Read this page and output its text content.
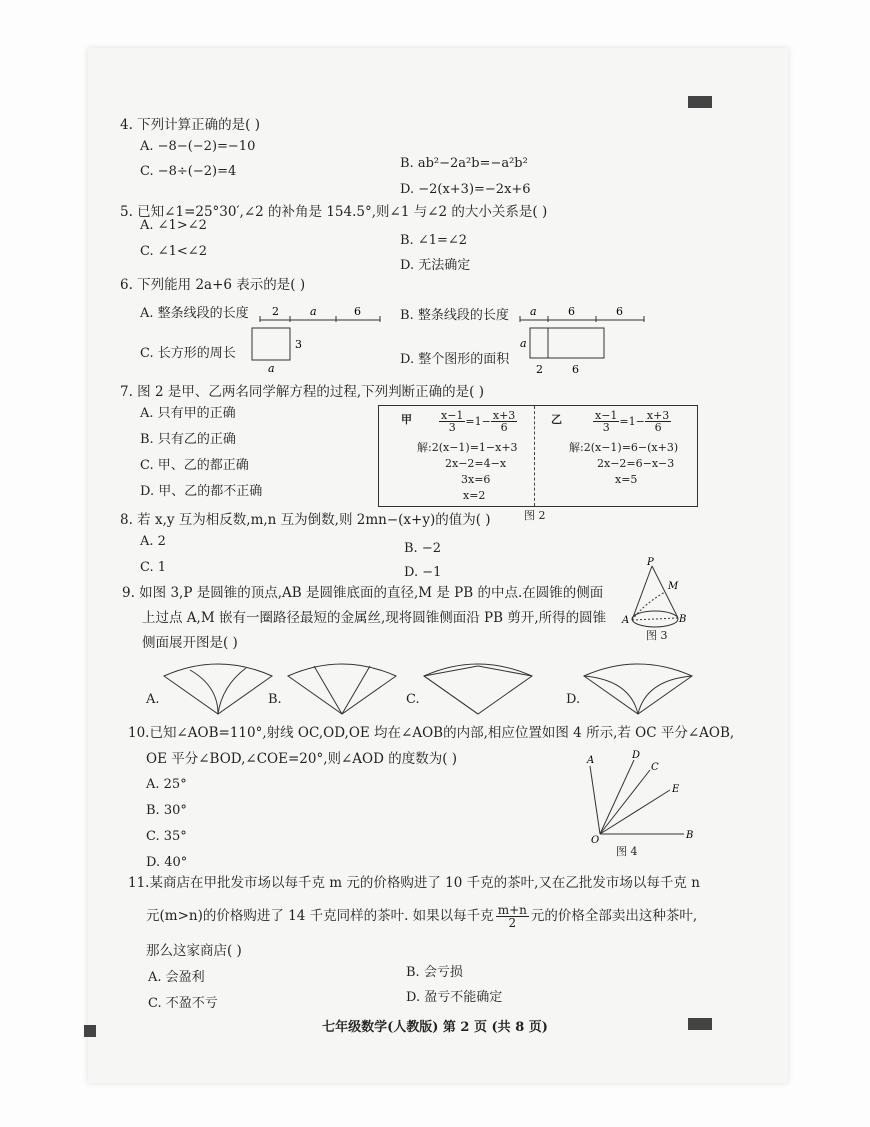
4. 下列计算正确的是( )
A. −8−(−2)=−10
B. ab²−2a²b=−a²b²
C. −8÷(−2)=4
D. −2(x+3)=−2x+6
5. 已知∠1=25°30′,∠2 的补角是 154.5°,则∠1 与∠2 的大小关系是( )
A. ∠1>∠2
B. ∠1=∠2
C. ∠1<∠2
D. 无法确定
6. 下列能用 2a+6 表示的是( )
A. 整条线段的长度 2	a	6	B. 整条线段的长度 a	6	6
C. 长方形的周长
3
a
D. 整个图形的面积
a
2	6
7. 图 2 是甲、乙两名同学解方程的过程,下列判断正确的是( )
A. 只有甲的正确
B. 只有乙的正确
C. 甲、乙的都正确
D. 甲、乙的都不正确
甲 $\frac{x-1}{3} =1- \frac{x+3}{6}$
解:2(x−1)=1−x+3
2x−2=4−x
3x=6
x=2
乙	$\frac{x-1}{3} =1- \frac{x+3}{6}$
解:2(x−1)=6−(x+3)
2x−2=6−x−3
x=5
图 2
8. 若 x,y 互为相反数,m,n 互为倒数,则 2mn−(x+y)的值为( )
A. 2	B. −2
C. 1	D. −1
9. 如图 3,P 是圆锥的顶点,AB 是圆锥底面的直径,M 是 PB 的中点.在圆锥的侧面
上过点 A,M 嵌有一圈路径最短的金属丝,现将圆锥侧面沿 PB 剪开,所得的圆锥
侧面展开图是( )
P
M
A	B
图 3
A.	B.	C.	D.
10.已知∠AOB=110°,射线 OC,OD,OE 均在∠AOB的内部,相应位置如图 4 所示,若 OC 平分∠AOB,
OE 平分∠BOD,∠COE=20°,则∠AOD 的度数为( )
A. 25°
B. 30°
C. 35°
D. 40°
A	D
C
E
O	B
图 4
11.某商店在甲批发市场以每千克 m 元的价格购进了 10 千克的茶叶,又在乙批发市场以每千克 n
元(m>n)的价格购进了 14 千克同样的茶叶. 如果以每千克 $\frac{m+n}{2}$ 元的价格全部卖出这种茶叶,
那么这家商店( )
A. 会盈利	B. 会亏损
C. 不盈不亏	D. 盈亏不能确定
七年级数学(人教版) 第 2 页 (共 8 页)
